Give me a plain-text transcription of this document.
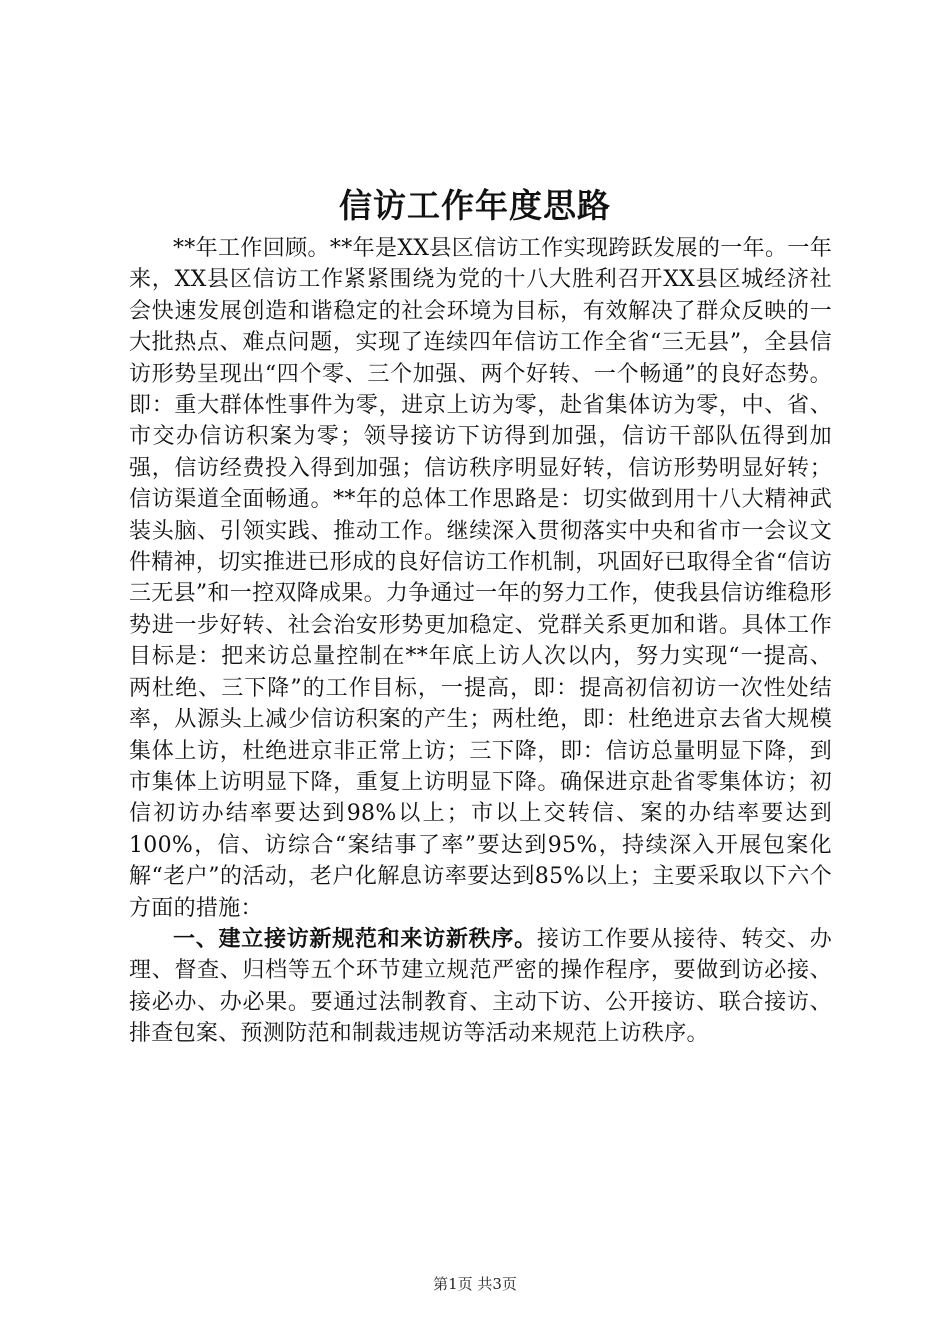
信访工作年度思路

**年工作回顾。**年是XX县区信访工作实现跨跃发展的一年。一年来，XX县区信访工作紧紧围绕为党的十八大胜利召开XX县区城经济社会快速发展创造和谐稳定的社会环境为目标，有效解决了群众反映的一大批热点、难点问题，实现了连续四年信访工作全省“三无县”，全县信访形势呈现出“四个零、三个加强、两个好转、一个畅通”的良好态势。即：重大群体性事件为零，进京上访为零，赴省集体访为零，中、省、市交办信访积案为零；领导接访下访得到加强，信访干部队伍得到加强，信访经费投入得到加强；信访秩序明显好转，信访形势明显好转；信访渠道全面畅通。**年的总体工作思路是：切实做到用十八大精神武装头脑、引领实践、推动工作。继续深入贯彻落实中央和省市一会议文件精神，切实推进已形成的良好信访工作机制，巩固好已取得全省“信访三无县”和一控双降成果。力争通过一年的努力工作，使我县信访维稳形势进一步好转、社会治安形势更加稳定、党群关系更加和谐。具体工作目标是：把来访总量控制在**年底上访人次以内，努力实现“一提高、两杜绝、三下降”的工作目标，一提高，即：提高初信初访一次性处结率，从源头上减少信访积案的产生；两杜绝，即：杜绝进京去省大规模集体上访，杜绝进京非正常上访；三下降，即：信访总量明显下降，到市集体上访明显下降，重复上访明显下降。确保进京赴省零集体访；初信初访办结率要达到98%以上；市以上交转信、案的办结率要达到100%，信、访综合“案结事了率”要达到95%，持续深入开展包案化解“老户”的活动，老户化解息访率要达到85%以上；主要采取以下六个方面的措施：

一、建立接访新规范和来访新秩序。接访工作要从接待、转交、办理、督查、归档等五个环节建立规范严密的操作程序，要做到访必接、接必办、办必果。要通过法制教育、主动下访、公开接访、联合接访、排查包案、预测防范和制裁违规访等活动来规范上访秩序。

第1页 共3页
